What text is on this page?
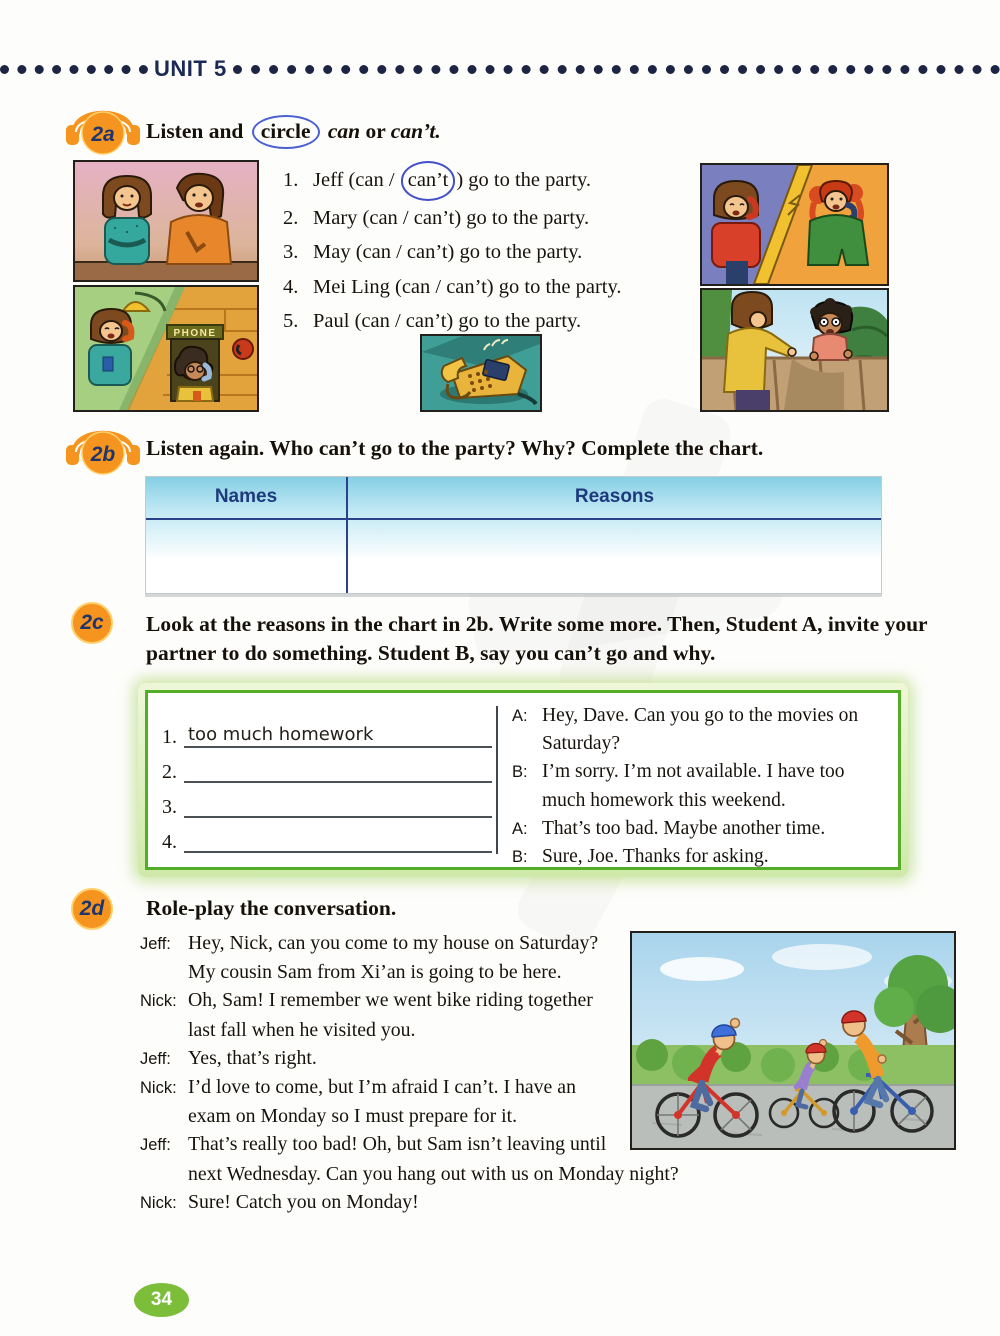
UNIT 5
2a Listen and circle can or can’t.
PHONE
1. Jeff (can / can’t ) go to the party.
2. Mary (can / can’t) go to the party.
3. May (can / can’t) go to the party.
4. Mei Ling (can / can’t) go to the party.
5. Paul (can / can’t) go to the party.
2b Listen again. Who can’t go to the party? Why? Complete the chart.
Names	Reasons
2c	Look at the reasons in the chart in 2b. Write some more. Then, Student A, invite your partner to do something. Student B, say you can’t go and why.
1. too much homework
2.
3.
4.

A: Hey, Dave. Can you go to the movies on Saturday?

B: I’m sorry. I’m not available. I have too much homework this weekend.

A: That’s too bad. Maybe another time.

B: Sure, Joe. Thanks for asking.

2d	Role-play the conversation.

Jeff: Hey, Nick, can you come to my house on Saturday? My cousin Sam from Xi’an is going to be here.

Nick: Oh, Sam! I remember we went bike riding together last fall when he visited you.

Jeff: Yes, that’s right.

Nick: I’d love to come, but I’m afraid I can’t. I have an exam on Monday so I must prepare for it.

Jeff: That’s really too bad! Oh, but Sam isn’t leaving until next Wednesday. Can you hang out with us on Monday night?

Nick: Sure! Catch you on Monday!

34
